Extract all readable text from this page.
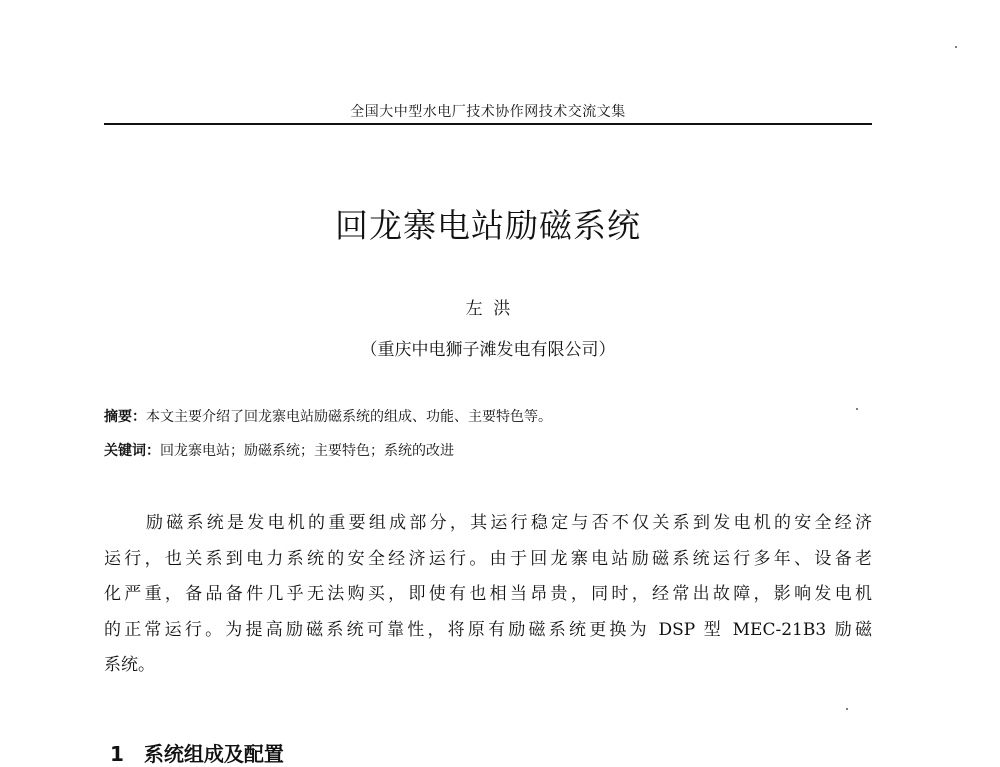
全国大中型水电厂技术协作网技术交流文集
回龙寨电站励磁系统
左  洪
（重庆中电狮子滩发电有限公司）
摘要：本文主要介绍了回龙寨电站励磁系统的组成、功能、主要特色等。
关键词：回龙寨电站；励磁系统；主要特色；系统的改进
励磁系统是发电机的重要组成部分，其运行稳定与否不仅关系到发电机的安全经济
运行，也关系到电力系统的安全经济运行。由于回龙寨电站励磁系统运行多年、设备老
化严重，备品备件几乎无法购买，即使有也相当昂贵，同时，经常出故障，影响发电机
的正常运行。为提高励磁系统可靠性，将原有励磁系统更换为 DSP 型 MEC-21B3 励磁
系统。
1 系统组成及配置
